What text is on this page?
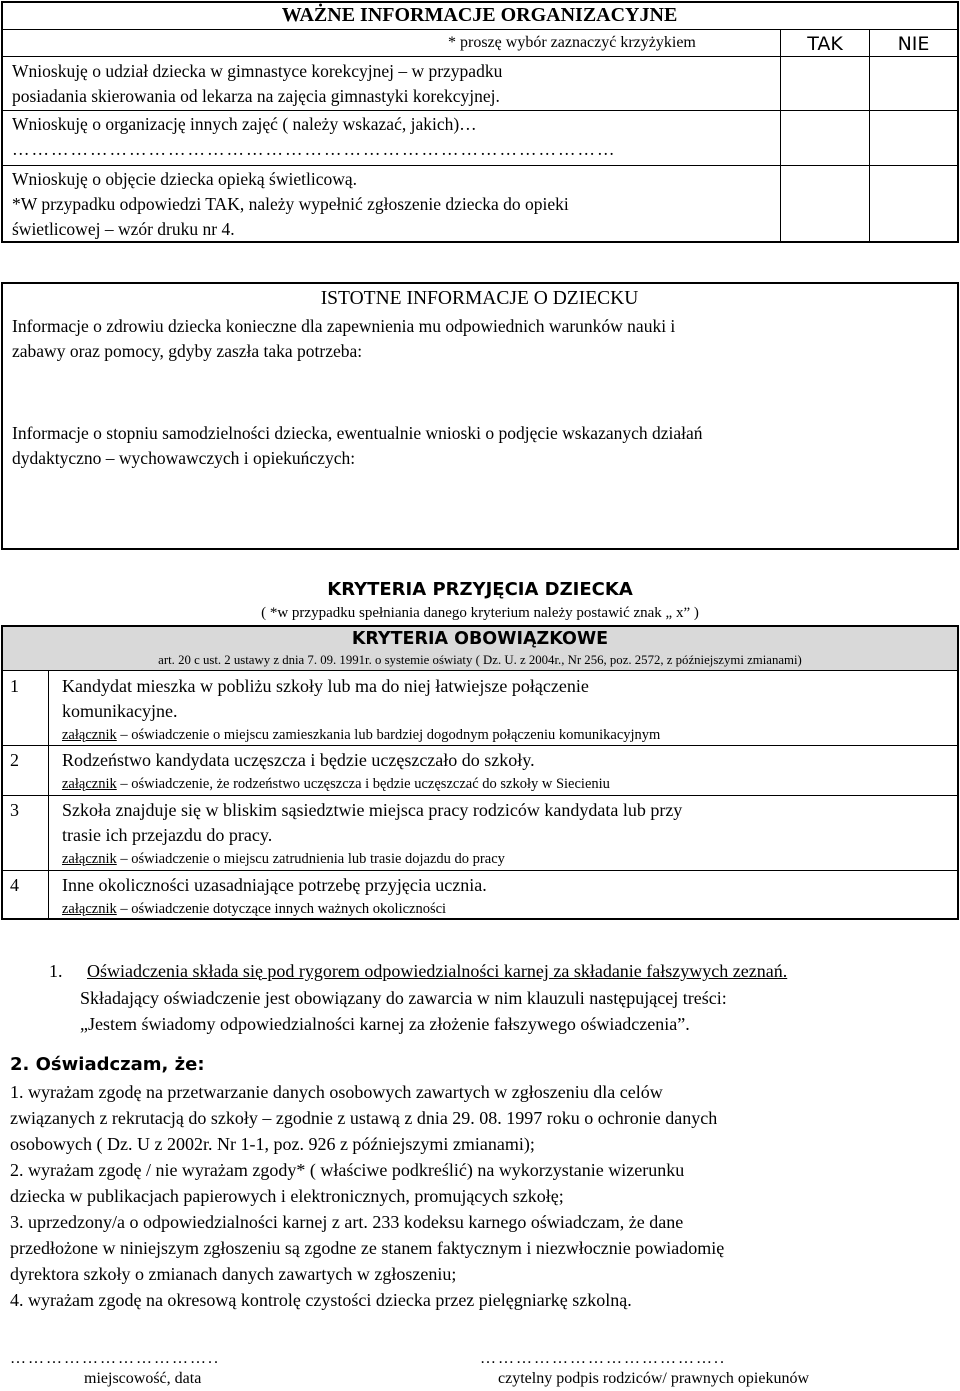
WAŻNE INFORMACJE ORGANIZACYJNE
* proszę wybór zaznaczyć krzyżykiem	TAK	NIE
Wnioskuję o udział dziecka w gimnastyce korekcyjnej – w przypadku
posiadania skierowania od lekarza na zajęcia gimnastyki korekcyjnej.
Wnioskuję o organizację innych zajęć ( należy wskazać, jakich)…
…………………………………………………………………………………
Wnioskuję o objęcie dziecka opieką świetlicową.
*W przypadku odpowiedzi TAK, należy wypełnić zgłoszenie dziecka do opieki
świetlicowej – wzór druku nr 4.
ISTOTNE INFORMACJE O DZIECKU
Informacje o zdrowiu dziecka konieczne dla zapewnienia mu odpowiednich warunków nauki i
zabawy oraz pomocy, gdyby zaszła taka potrzeba:
Informacje o stopniu samodzielności dziecka, ewentualnie wnioski o podjęcie wskazanych działań
dydaktyczno – wychowawczych i opiekuńczych:
KRYTERIA PRZYJĘCIA DZIECKA
( *w przypadku spełniania danego kryterium należy postawić znak „ x” )
KRYTERIA OBOWIĄZKOWE
art. 20 c ust. 2 ustawy z dnia 7. 09. 1991r. o systemie oświaty ( Dz. U. z 2004r., Nr 256, poz. 2572, z późniejszymi zmianami)
1 Kandydat mieszka w pobliżu szkoły lub ma do niej łatwiejsze połączenie
komunikacyjne.
załącznik – oświadczenie o miejscu zamieszkania lub bardziej dogodnym połączeniu komunikacyjnym
2 Rodzeństwo kandydata uczęszcza i będzie uczęszczało do szkoły.
załącznik – oświadczenie, że rodzeństwo uczęszcza i będzie uczęszczać do szkoły w Siecieniu
3 Szkoła znajduje się w bliskim sąsiedztwie miejsca pracy rodziców kandydata lub przy
trasie ich przejazdu do pracy.
załącznik – oświadczenie o miejscu zatrudnienia lub trasie dojazdu do pracy
4 Inne okoliczności uzasadniające potrzebę przyjęcia ucznia.
załącznik – oświadczenie dotyczące innych ważnych okoliczności
1. Oświadczenia składa się pod rygorem odpowiedzialności karnej za składanie fałszywych zeznań.
Składający oświadczenie jest obowiązany do zawarcia w nim klauzuli następującej treści:
„Jestem świadomy odpowiedzialności karnej za złożenie fałszywego oświadczenia”.
2. Oświadczam, że:
1. wyrażam zgodę na przetwarzanie danych osobowych zawartych w zgłoszeniu dla celów
związanych z rekrutacją do szkoły – zgodnie z ustawą z dnia 29. 08. 1997 roku o ochronie danych
osobowych ( Dz. U z 2002r. Nr 1-1, poz. 926 z późniejszymi zmianami);
2. wyrażam zgodę / nie wyrażam zgody* ( właściwe podkreślić) na wykorzystanie wizerunku
dziecka w publikacjach papierowych i elektronicznych, promujących szkołę;
3. uprzedzony/a o odpowiedzialności karnej z art. 233 kodeksu karnego oświadczam, że dane
przedłożone w niniejszym zgłoszeniu są zgodne ze stanem faktycznym i niezwłocznie powiadomię
dyrektora szkoły o zmianach danych zawartych w zgłoszeniu;
4. wyrażam zgodę na okresową kontrolę czystości dziecka przez pielęgniarkę szkolną.
……………………………..
miejscowość, data
…………………………………..
czytelny podpis rodziców/ prawnych opiekunów
